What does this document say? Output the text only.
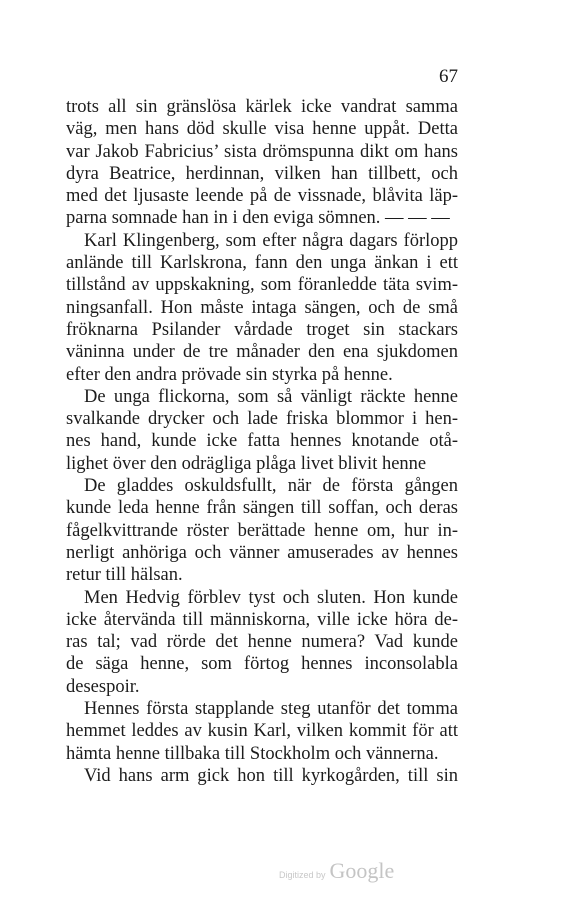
67
trots all sin gränslösa kärlek icke vandrat samma
väg, men hans död skulle visa henne uppåt. Detta
var Jakob Fabricius’ sista drömspunna dikt om hans
dyra Beatrice, herdinnan, vilken han tillbett, och
med det ljusaste leende på de vissnade, blåvita läp-
parna somnade han in i den eviga sömnen. — — —
Karl Klingenberg, som efter några dagars förlopp
anlände till Karlskrona, fann den unga änkan i ett
tillstånd av uppskakning, som föranledde täta svim-
ningsanfall. Hon måste intaga sängen, och de små
fröknarna Psilander vårdade troget sin stackars
väninna under de tre månader den ena sjukdomen
efter den andra prövade sin styrka på henne.
De unga flickorna, som så vänligt räckte henne
svalkande drycker och lade friska blommor i hen-
nes hand, kunde icke fatta hennes knotande otå-
lighet över den odrägliga plåga livet blivit henne
De gladdes oskuldsfullt, när de första gången
kunde leda henne från sängen till soffan, och deras
fågelkvittrande röster berättade henne om, hur in-
nerligt anhöriga och vänner amuserades av hennes
retur till hälsan.
Men Hedvig förblev tyst och sluten. Hon kunde
icke återvända till människorna, ville icke höra de-
ras tal; vad rörde det henne numera? Vad kunde
de säga henne, som förtog hennes inconsolabla
desespoir.
Hennes första stapplande steg utanför det tomma
hemmet leddes av kusin Karl, vilken kommit för att
hämta henne tillbaka till Stockholm och vännerna.
Vid hans arm gick hon till kyrkogården, till sin
Digitized by Google
